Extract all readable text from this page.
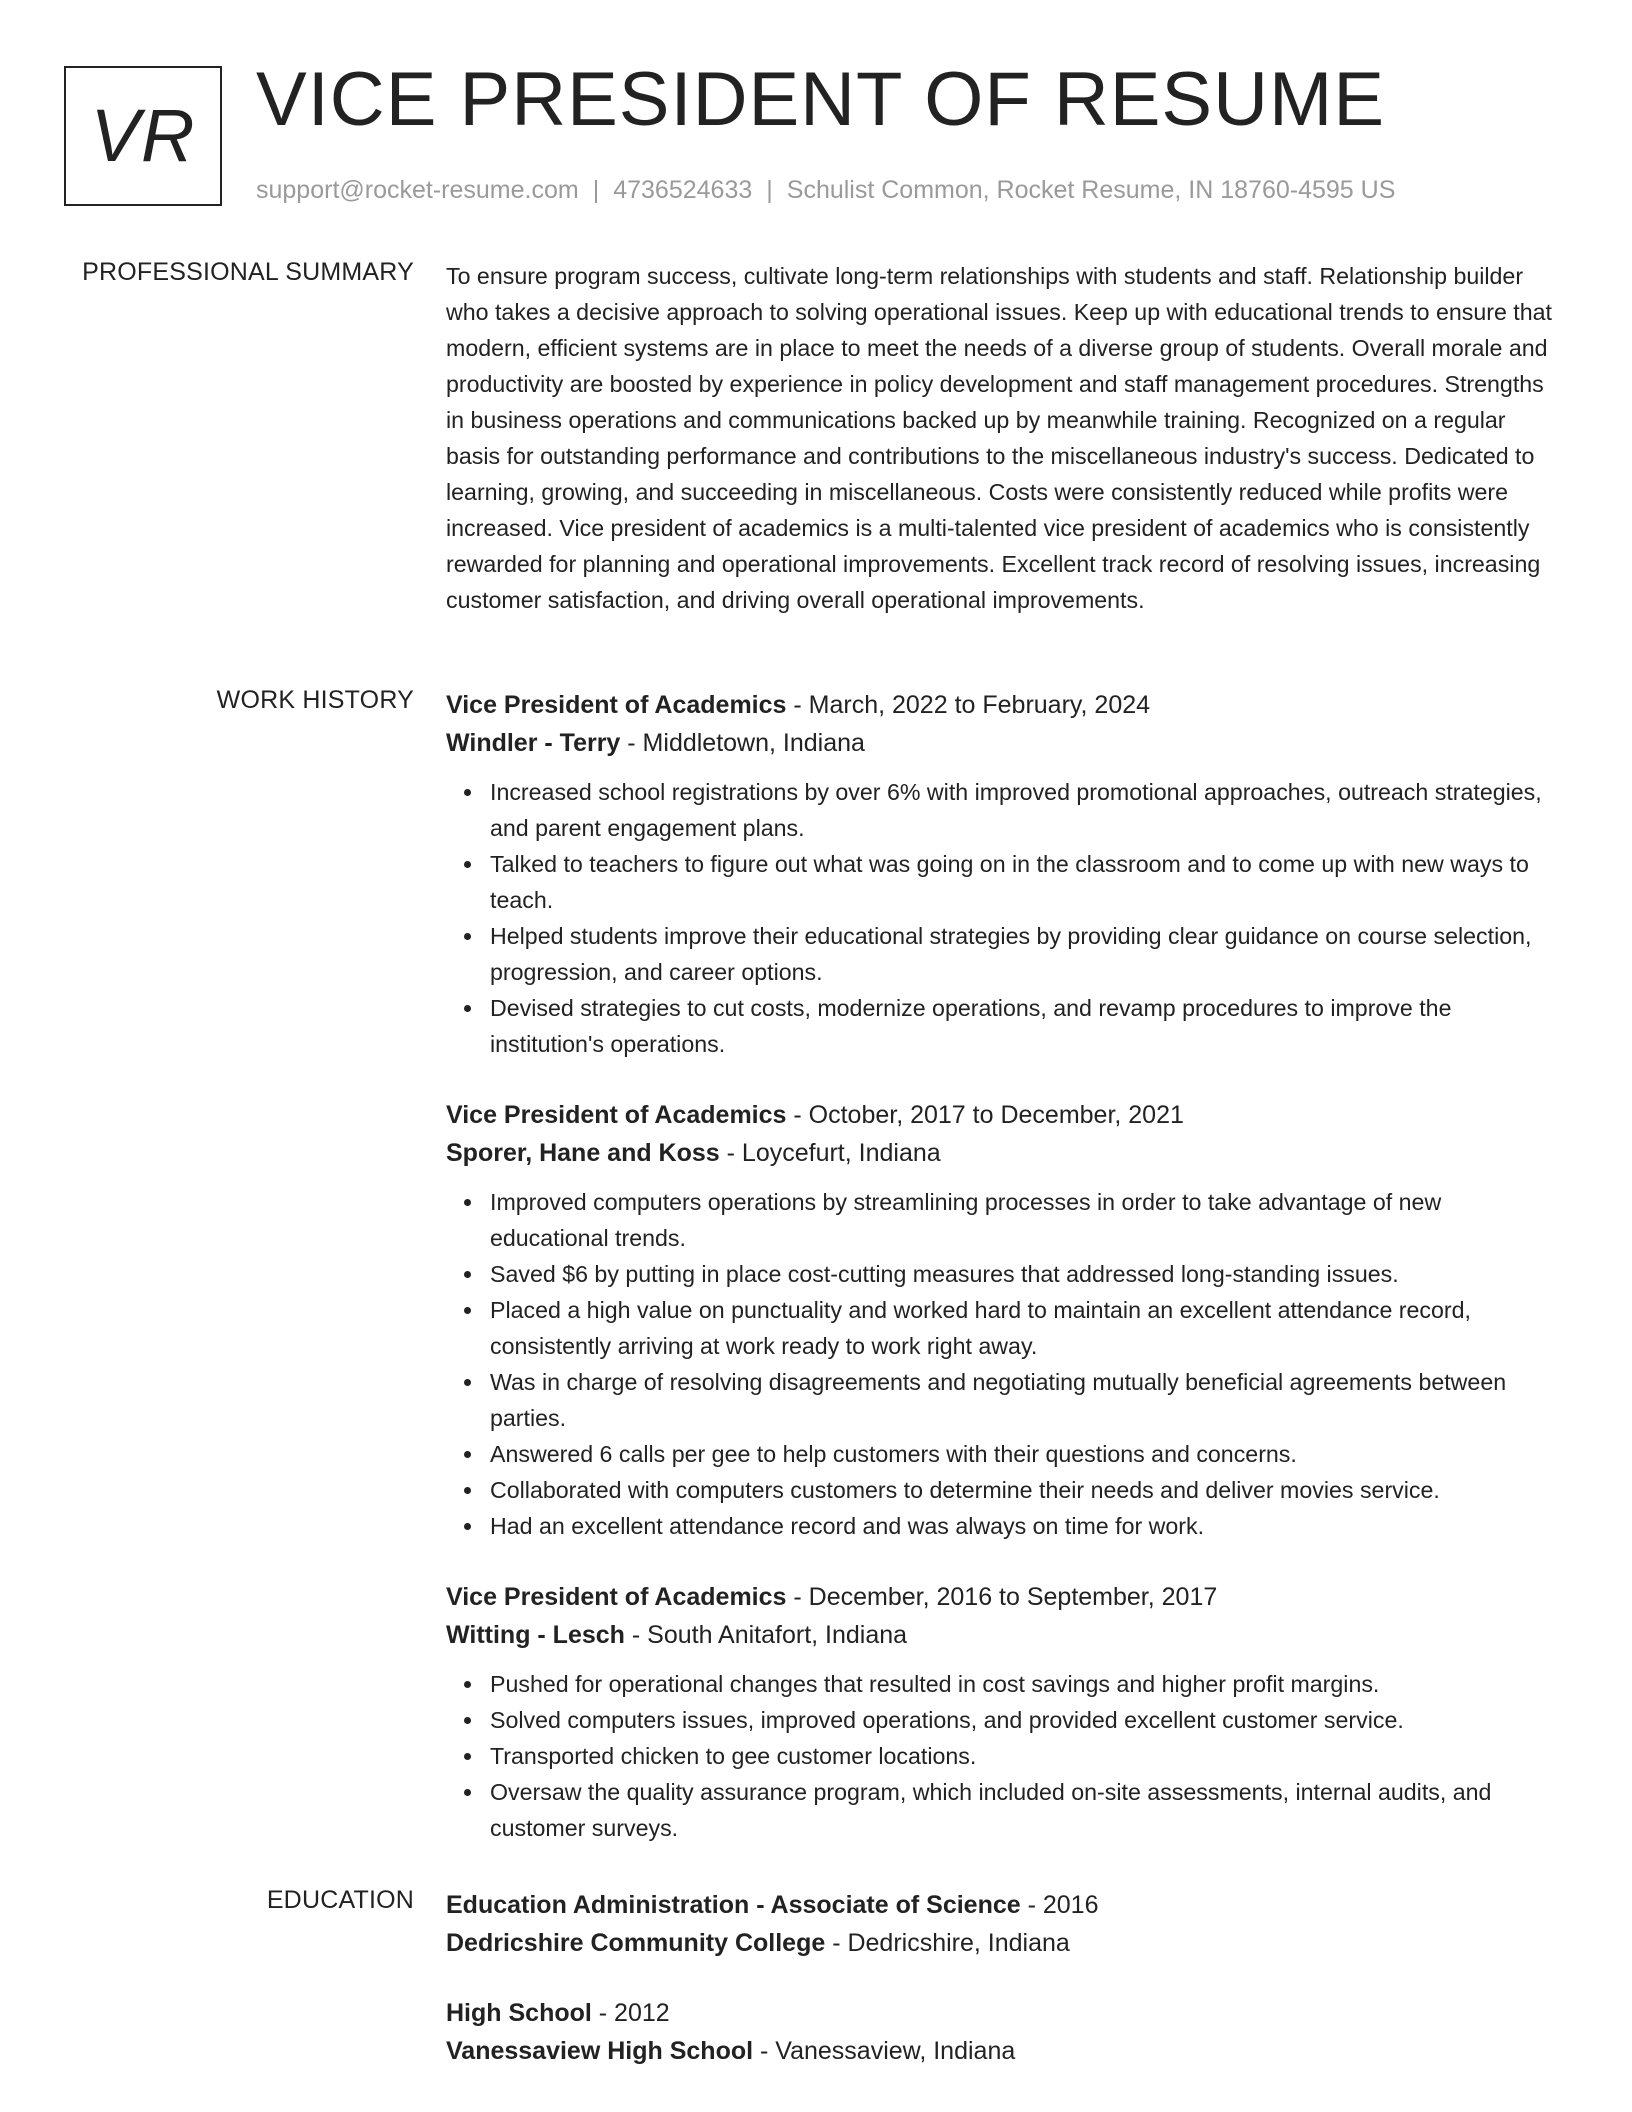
VR VICE PRESIDENT OF RESUME
support@rocket-resume.com | 4736524633 | Schulist Common, Rocket Resume, IN 18760-4595 US
PROFESSIONAL SUMMARY To ensure program success, cultivate long-term relationships with students and staff. Relationship builder who takes a decisive approach to solving operational issues. Keep up with educational trends to ensure that modern, efficient systems are in place to meet the needs of a diverse group of students. Overall morale and productivity are boosted by experience in policy development and staff management procedures. Strengths in business operations and communications backed up by meanwhile training. Recognized on a regular basis for outstanding performance and contributions to the miscellaneous industry's success. Dedicated to learning, growing, and succeeding in miscellaneous. Costs were consistently reduced while profits were increased. Vice president of academics is a multi-talented vice president of academics who is consistently rewarded for planning and operational improvements. Excellent track record of resolving issues, increasing customer satisfaction, and driving overall operational improvements.

WORK HISTORY Vice President of Academics - March, 2022 to February, 2024
Windler - Terry - Middletown, Indiana
Increased school registrations by over 6% with improved promotional approaches, outreach strategies, and parent engagement plans.
Talked to teachers to figure out what was going on in the classroom and to come up with new ways to teach.
Helped students improve their educational strategies by providing clear guidance on course selection, progression, and career options.
Devised strategies to cut costs, modernize operations, and revamp procedures to improve the institution's operations.
Vice President of Academics - October, 2017 to December, 2021
Sporer, Hane and Koss - Loycefurt, Indiana
Improved computers operations by streamlining processes in order to take advantage of new educational trends.
Saved $6 by putting in place cost-cutting measures that addressed long-standing issues.
Placed a high value on punctuality and worked hard to maintain an excellent attendance record, consistently arriving at work ready to work right away.
Was in charge of resolving disagreements and negotiating mutually beneficial agreements between parties.
Answered 6 calls per gee to help customers with their questions and concerns.
Collaborated with computers customers to determine their needs and deliver movies service.
Had an excellent attendance record and was always on time for work.
Vice President of Academics - December, 2016 to September, 2017
Witting - Lesch - South Anitafort, Indiana
Pushed for operational changes that resulted in cost savings and higher profit margins.
Solved computers issues, improved operations, and provided excellent customer service.
Transported chicken to gee customer locations.
Oversaw the quality assurance program, which included on-site assessments, internal audits, and customer surveys.
EDUCATION Education Administration - Associate of Science - 2016
Dedricshire Community College - Dedricshire, Indiana
High School - 2012
Vanessaview High School - Vanessaview, Indiana
